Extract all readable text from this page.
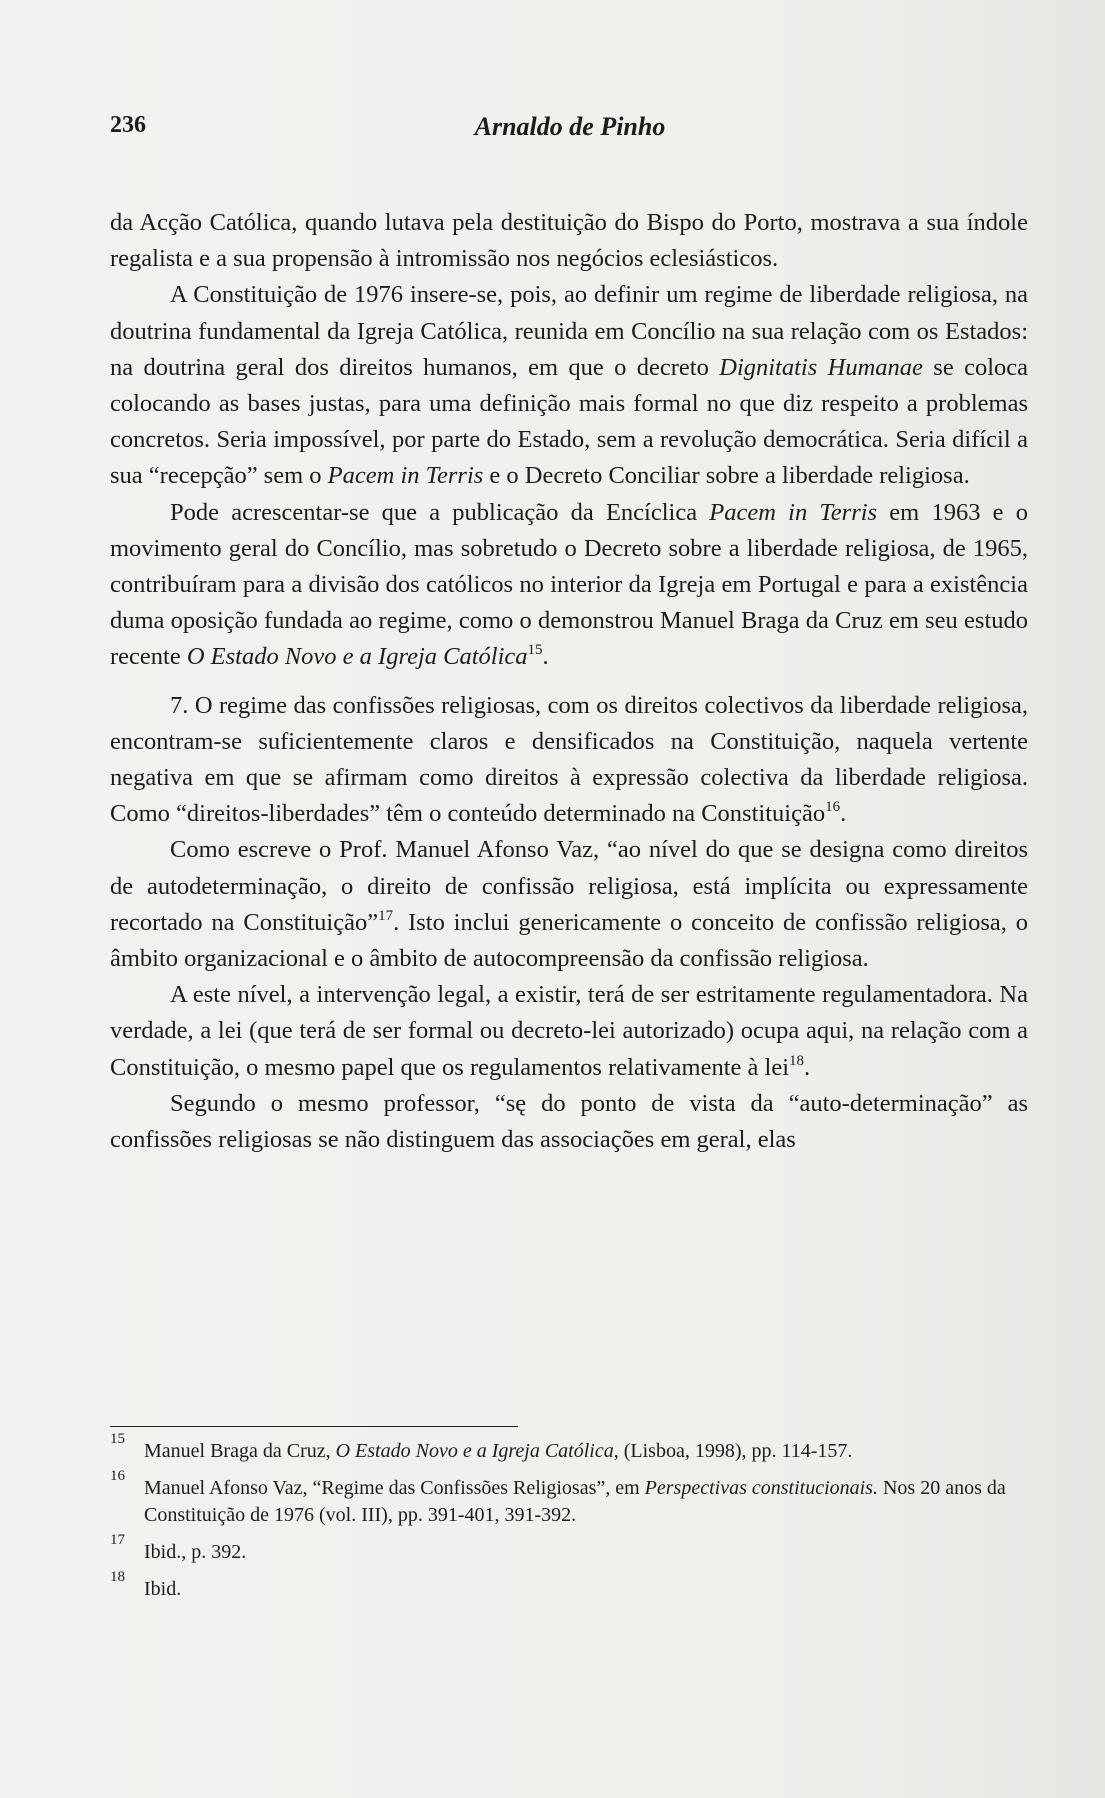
236	Arnaldo de Pinho

da Acção Católica, quando lutava pela destituição do Bispo do Porto, mostrava a sua índole regalista e a sua propensão à intromissão nos negócios eclesiásticos.

A Constituição de 1976 insere-se, pois, ao definir um regime de liberdade religiosa, na doutrina fundamental da Igreja Católica, reunida em Concílio na sua relação com os Estados: na doutrina geral dos direitos humanos, em que o decreto Dignitatis Humanae se coloca colocando as bases justas, para uma definição mais formal no que diz respeito a problemas concretos. Seria impossível, por parte do Estado, sem a revolução democrática. Seria difícil a sua “recepção” sem o Pacem in Terris e o Decreto Conciliar sobre a liberdade religiosa.

Pode acrescentar-se que a publicação da Encíclica Pacem in Terris em 1963 e o movimento geral do Concílio, mas sobretudo o Decreto sobre a liberdade religiosa, de 1965, contribuíram para a divisão dos católicos no interior da Igreja em Portugal e para a existência duma oposição fundada ao regime, como o demonstrou Manuel Braga da Cruz em seu estudo recente O Estado Novo e a Igreja Católica$^{15}$.

7. O regime das confissões religiosas, com os direitos colectivos da liberdade religiosa, encontram-se suficientemente claros e densificados na Constituição, naquela vertente negativa em que se afirmam como direitos à expressão colectiva da liberdade religiosa. Como “direitos-liberdades” têm o conteúdo determinado na Constituição$^{16}$.

Como escreve o Prof. Manuel Afonso Vaz, “ao nível do que se designa como direitos de autodeterminação, o direito de confissão religiosa, está implícita ou expressamente recortado na Constituição”$^{17}$. Isto inclui genericamente o conceito de confissão religiosa, o âmbito organizacional e o âmbito de autocompreensão da confissão religiosa.

A este nível, a intervenção legal, a existir, terá de ser estritamente regulamentadora. Na verdade, a lei (que terá de ser formal ou decreto-lei autorizado) ocupa aqui, na relação com a Constituição, o mesmo papel que os regulamentos relativamente à lei$^{18}$.

Segundo o mesmo professor, “sę do ponto de vista da “auto-determinação” as confissões religiosas se não distinguem das associações em geral, elas

15
Manuel Braga da Cruz, O Estado Novo e a Igreja Católica, (Lisboa, 1998), pp. 114-157.
16
Manuel Afonso Vaz, “Regime das Confissões Religiosas”, em Perspectivas constitucionais. Nos 20 anos da Constituição de 1976 (vol. III), pp. 391-401, 391-392.
17
Ibid., p. 392.
18
Ibid.
